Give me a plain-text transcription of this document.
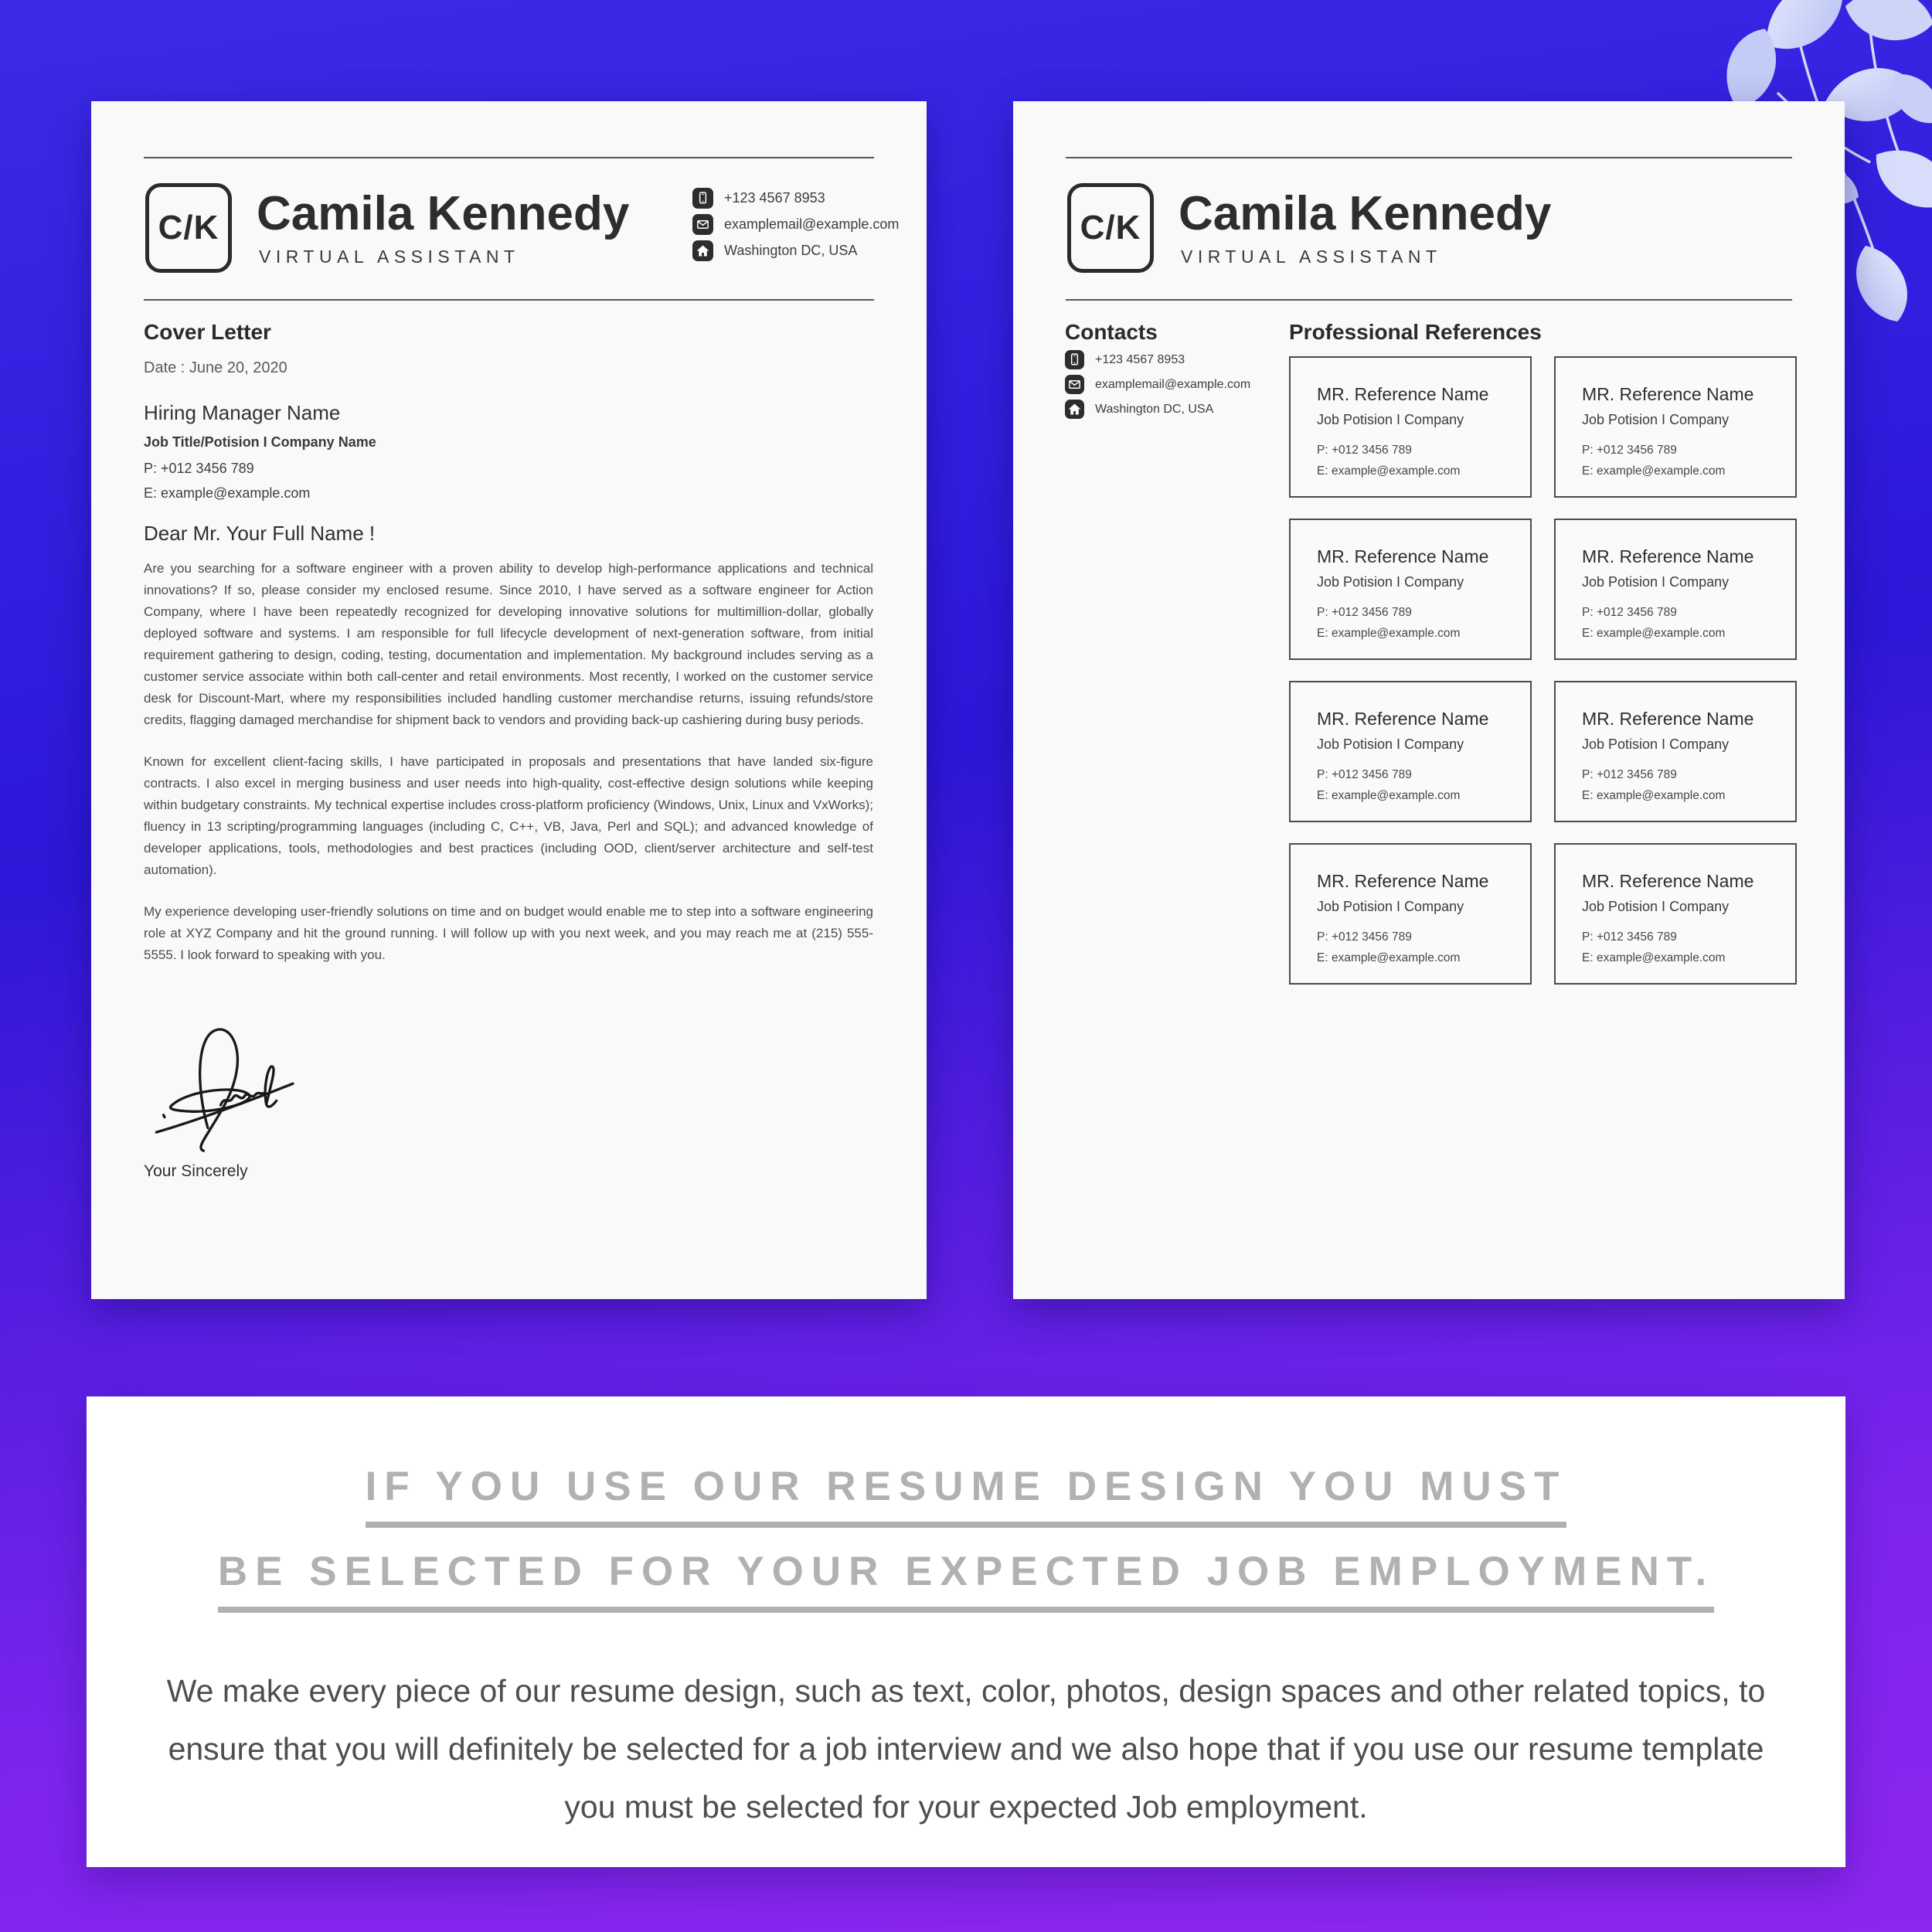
C/K Camila Kennedy
VIRTUAL ASSISTANT
+123 4567 8953
examplemail@example.com
Washington DC, USA
Cover Letter
Date : June 20, 2020
Hiring Manager Name
Job Title/Potision I Company Name
P: +012 3456 789
E: example@example.com
Dear Mr. Your Full Name !

Are you searching for a software engineer with a proven ability to develop high-performance applications and technical innovations? If so, please consider my enclosed resume. Since 2010, I have served as a software engineer for Action Company, where I have been repeatedly recognized for developing innovative solutions for multimillion-dollar, globally deployed software and systems. I am responsible for full lifecycle development of next-generation software, from initial requirement gathering to design, coding, testing, documentation and implementation. My background includes serving as a customer service associate within both call-center and retail environments. Most recently, I worked on the customer service desk for Discount-Mart, where my responsibilities included handling customer merchandise returns, issuing refunds/store credits, flagging damaged merchandise for shipment back to vendors and providing back-up cashiering during busy periods.

Known for excellent client-facing skills, I have participated in proposals and presentations that have landed six-figure contracts. I also excel in merging business and user needs into high-quality, cost-effective design solutions while keeping within budgetary constraints. My technical expertise includes cross-platform proficiency (Windows, Unix, Linux and VxWorks); fluency in 13 scripting/programming languages (including C, C++, VB, Java, Perl and SQL); and advanced knowledge of developer applications, tools, methodologies and best practices (including OOD, client/server architecture and self-test automation).

My experience developing user-friendly solutions on time and on budget would enable me to step into a software engineering role at XYZ Company and hit the ground running. I will follow up with you next week, and you may reach me at (215) 555-5555. I look forward to speaking with you.

Your Sincerely
C/K Camila Kennedy
VIRTUAL ASSISTANT
Contacts
+123 4567 8953
examplemail@example.com
Washington DC, USA
Professional References
MR. Reference Name
Job Potision I Company
P: +012 3456 789
E: example@example.com
MR. Reference Name
Job Potision I Company
P: +012 3456 789
E: example@example.com
MR. Reference Name
Job Potision I Company
P: +012 3456 789
E: example@example.com
MR. Reference Name
Job Potision I Company
P: +012 3456 789
E: example@example.com
MR. Reference Name
Job Potision I Company
P: +012 3456 789
E: example@example.com
MR. Reference Name
Job Potision I Company
P: +012 3456 789
E: example@example.com
MR. Reference Name
Job Potision I Company
P: +012 3456 789
E: example@example.com
MR. Reference Name
Job Potision I Company
P: +012 3456 789
E: example@example.com
IF YOU USE OUR RESUME DESIGN YOU MUST
BE SELECTED FOR YOUR EXPECTED JOB EMPLOYMENT.
We make every piece of our resume design, such as text, color, photos, design spaces and other related topics, to ensure that you will definitely be selected for a job interview and we also hope that if you use our resume template you must be selected for your expected Job employment.
